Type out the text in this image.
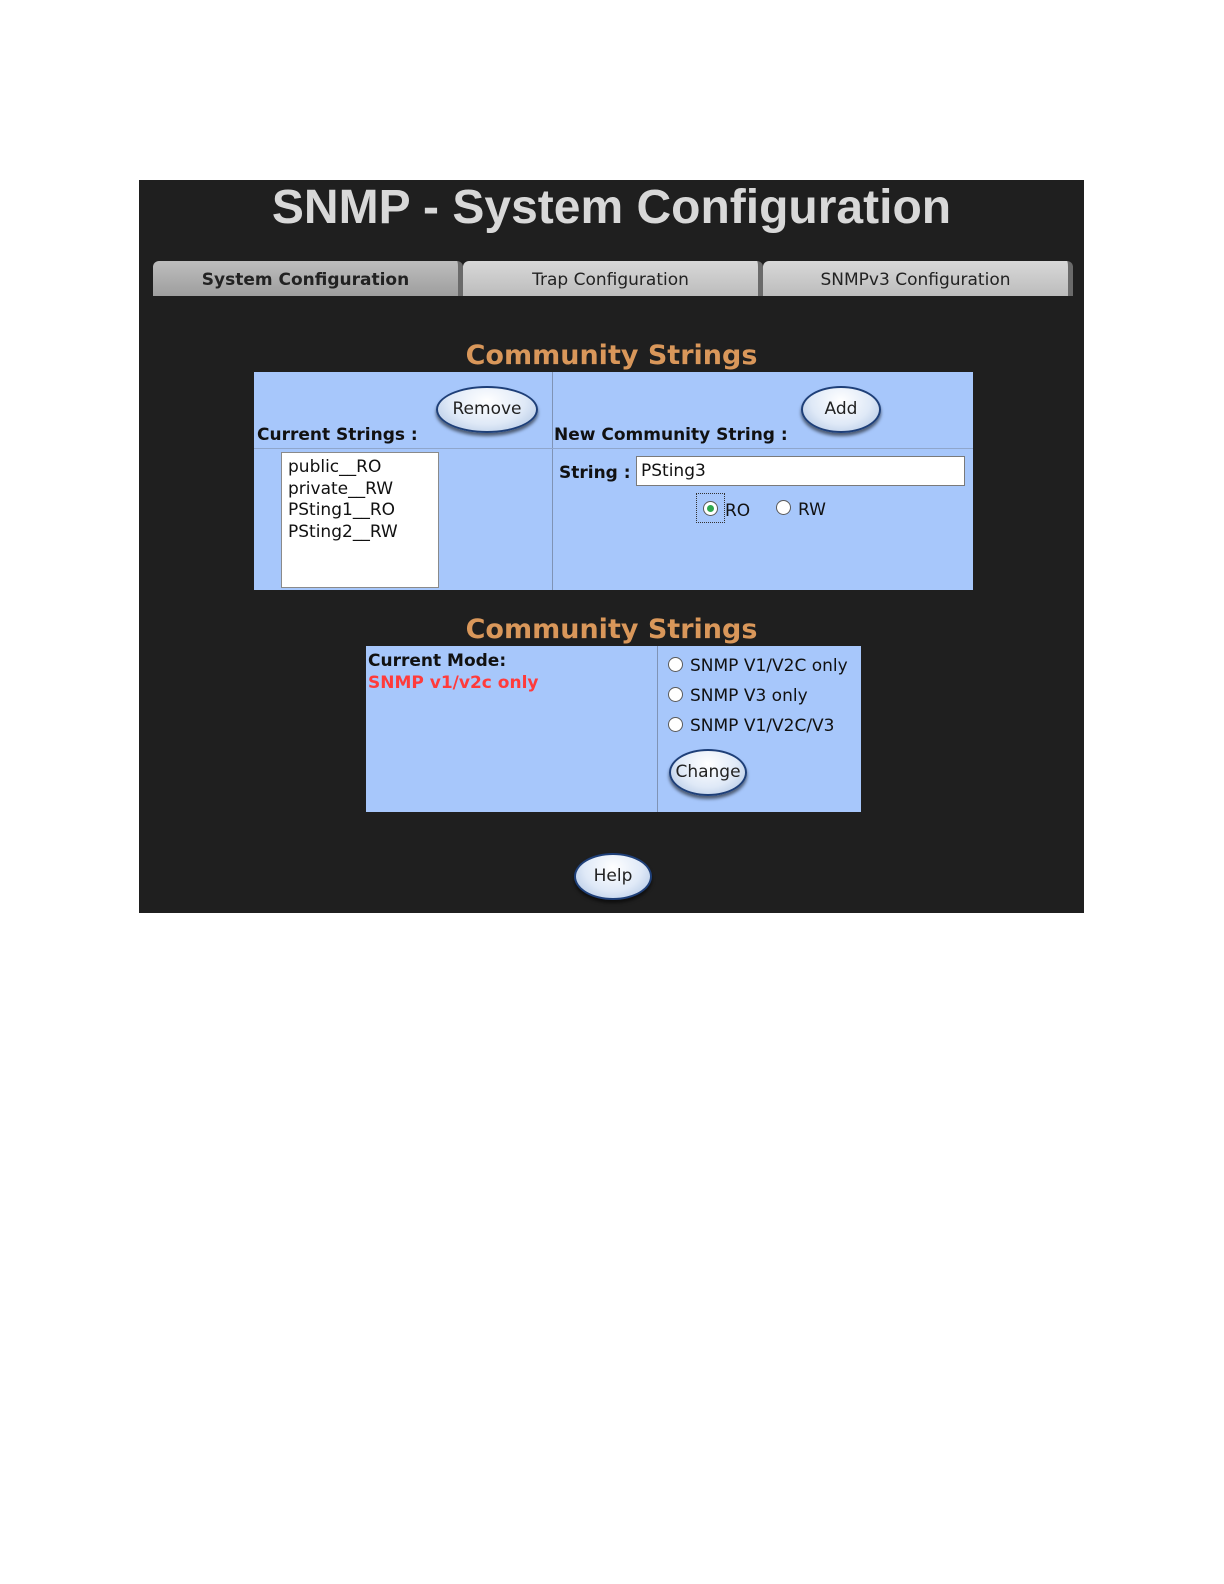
SNMP - System Configuration
System Configuration	Trap Configuration	SNMPv3 Configuration
Community Strings
Current Strings :
Remove
public__RO
private__RW
PSting1__RO
PSting2__RW
New Community String :
Add
String :
PSting3
RO	RW
Community Strings
Current Mode:
SNMP v1/v2c only
SNMP V1/V2C only
SNMP V3 only
SNMP V1/V2C/V3
Change
Help
